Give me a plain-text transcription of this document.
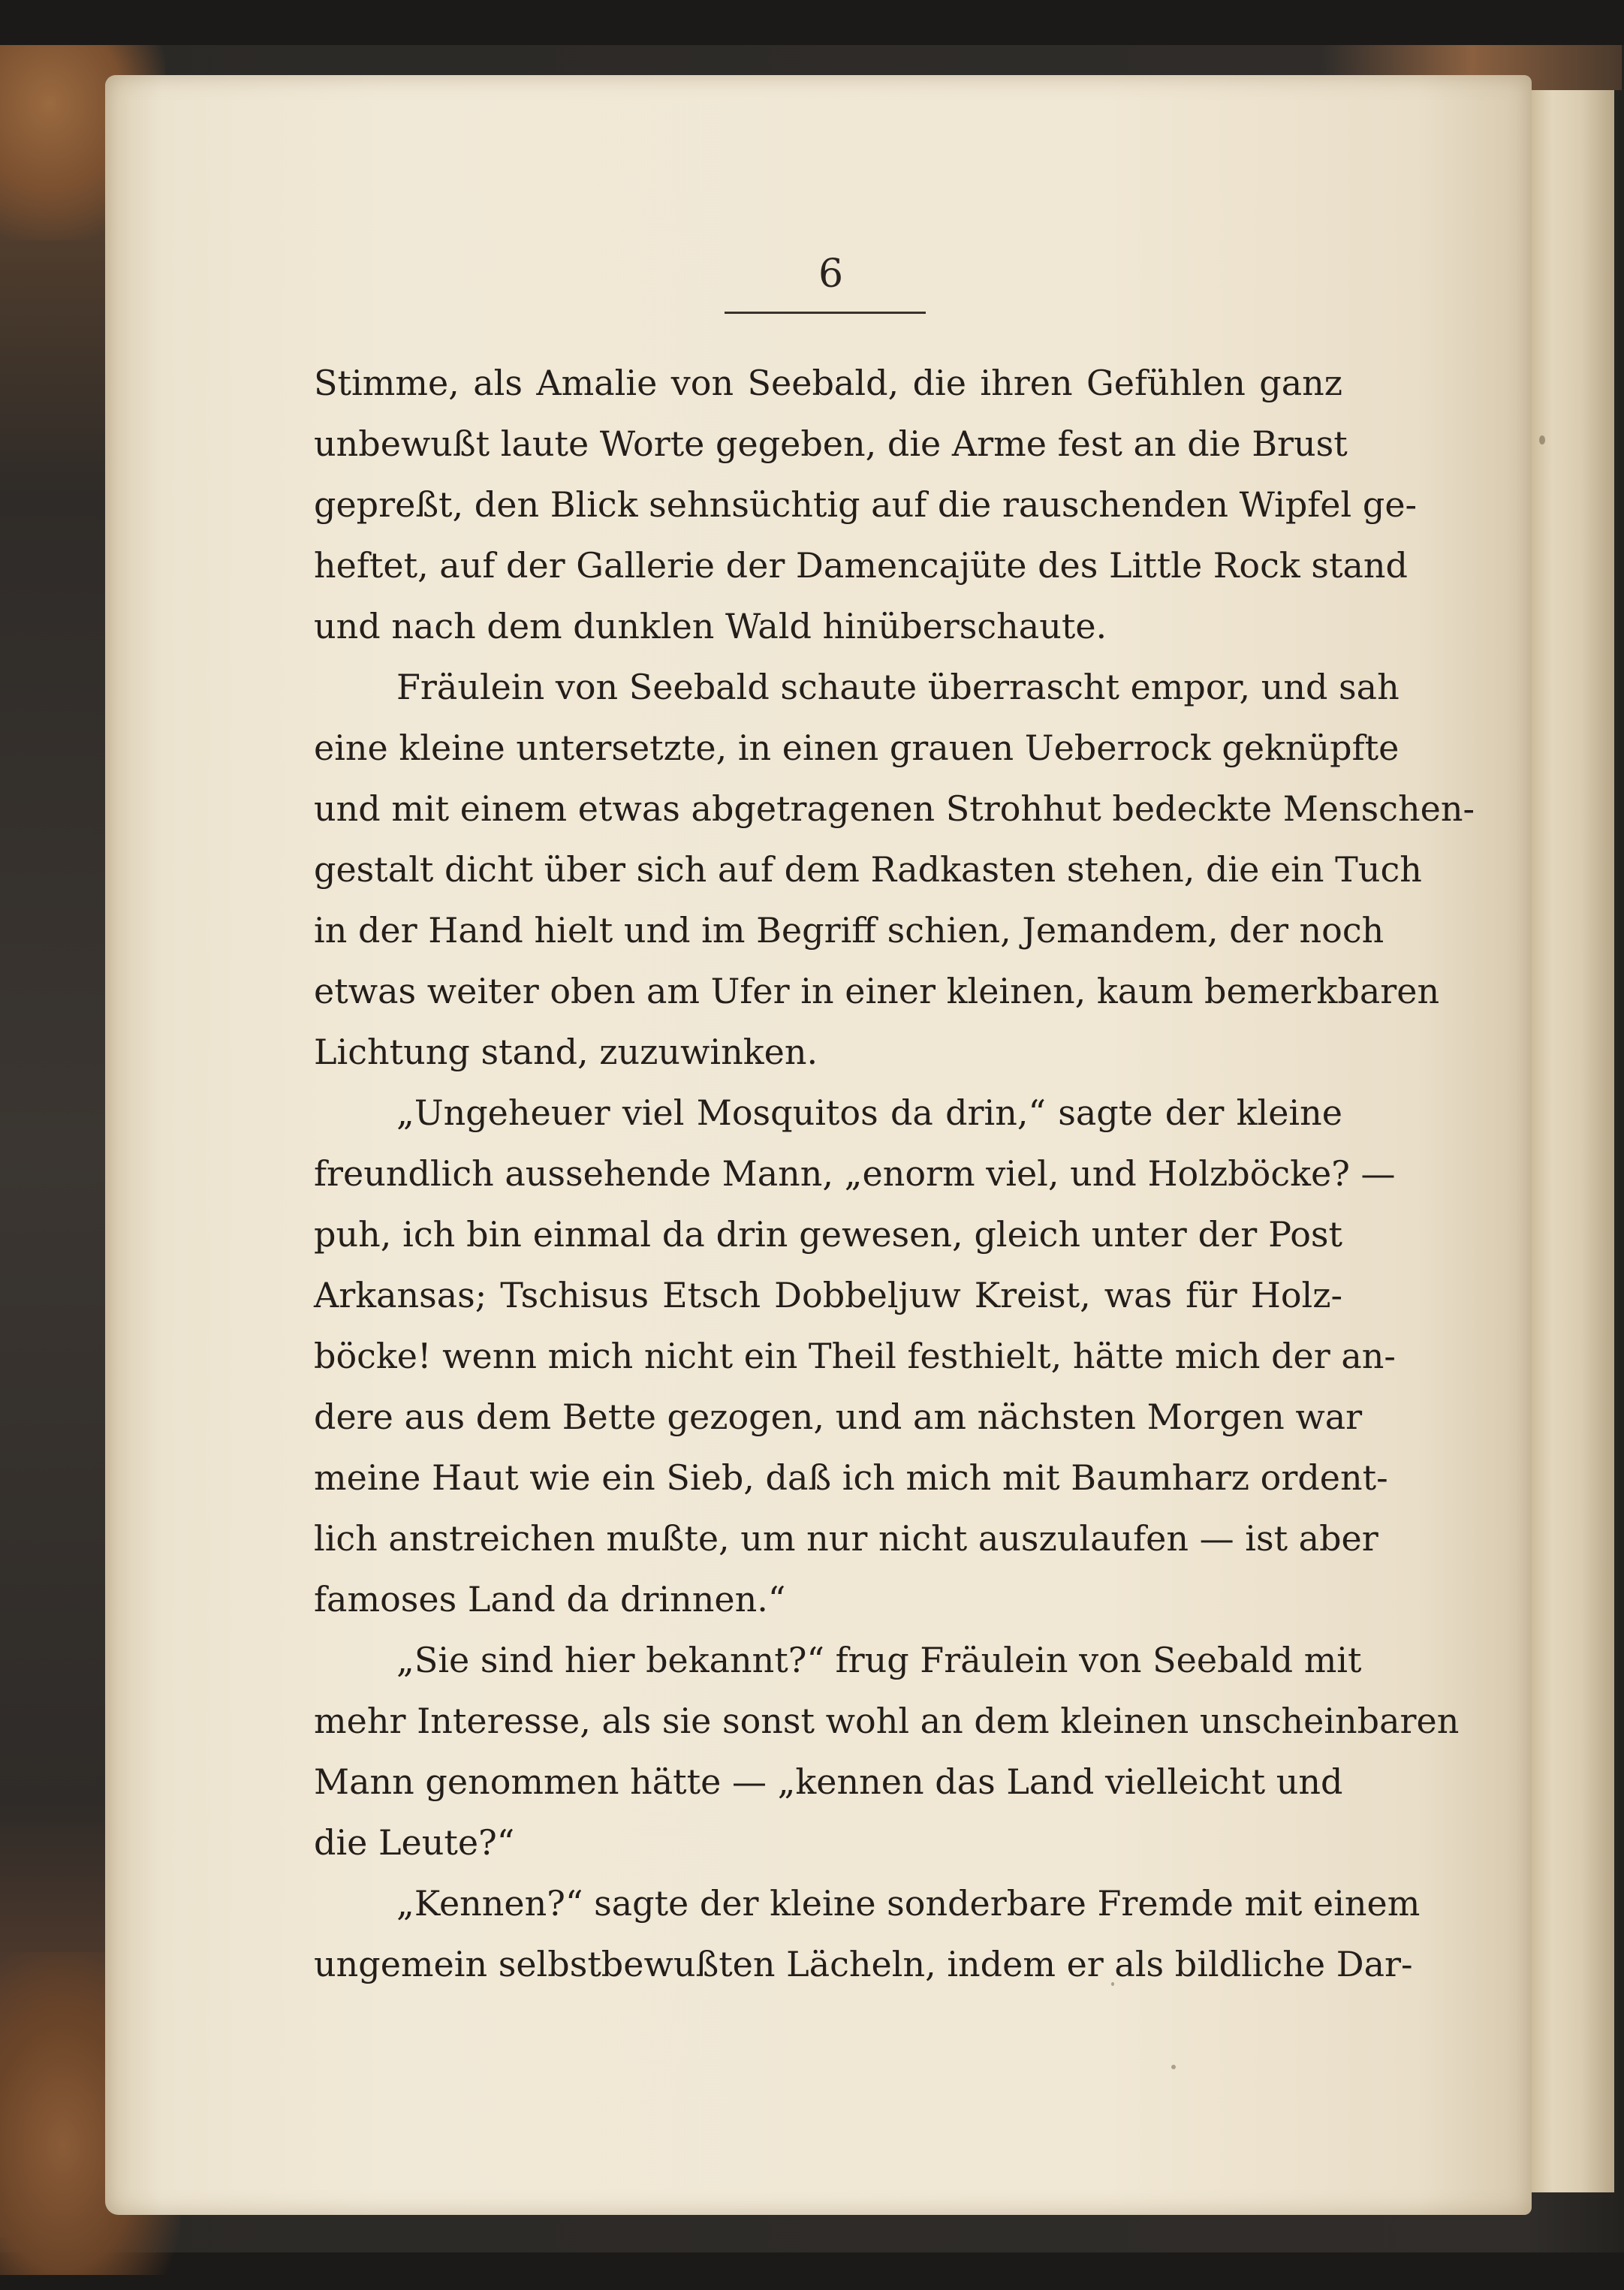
6
Stimme, als Amalie von Seebald, die ihren Gefühlen ganz
unbewußt laute Worte gegeben, die Arme fest an die Brust
gepreßt, den Blick sehnsüchtig auf die rauschenden Wipfel ge-
heftet, auf der Gallerie der Damencajüte des Little Rock stand
und nach dem dunklen Wald hinüberschaute.
Fräulein von Seebald schaute überrascht empor, und sah
eine kleine untersetzte, in einen grauen Ueberrock geknüpfte
und mit einem etwas abgetragenen Strohhut bedeckte Menschen-
gestalt dicht über sich auf dem Radkasten stehen, die ein Tuch
in der Hand hielt und im Begriff schien, Jemandem, der noch
etwas weiter oben am Ufer in einer kleinen, kaum bemerkbaren
Lichtung stand, zuzuwinken.
„Ungeheuer viel Mosquitos da drin,“ sagte der kleine
freundlich aussehende Mann, „enorm viel, und Holzböcke? —
puh, ich bin einmal da drin gewesen, gleich unter der Post
Arkansas; Tschisus Etsch Dobbeljuw Kreist, was für Holz-
böcke! wenn mich nicht ein Theil festhielt, hätte mich der an-
dere aus dem Bette gezogen, und am nächsten Morgen war
meine Haut wie ein Sieb, daß ich mich mit Baumharz ordent-
lich anstreichen mußte, um nur nicht auszulaufen — ist aber
famoses Land da drinnen.“
„Sie sind hier bekannt?“ frug Fräulein von Seebald mit
mehr Interesse, als sie sonst wohl an dem kleinen unscheinbaren
Mann genommen hätte — „kennen das Land vielleicht und
die Leute?“
„Kennen?“ sagte der kleine sonderbare Fremde mit einem
ungemein selbstbewußten Lächeln, indem er als bildliche Dar-
